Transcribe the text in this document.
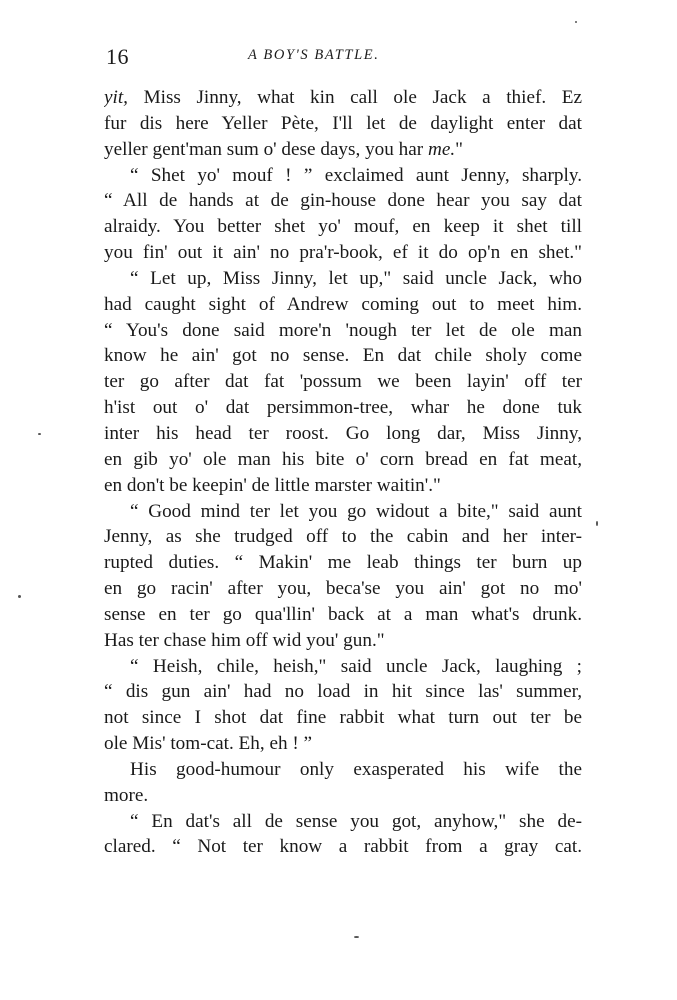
16	A BOY'S BATTLE.
yit, Miss Jinny, what kin call ole Jack a thief. Ez
fur dis here Yeller Pète, I'll let de daylight enter dat
yeller gent'man sum o' dese days, you har me."
“ Shet yo' mouf ! ” exclaimed aunt Jenny, sharply.
“ All de hands at de gin-house done hear you say dat
alraidy. You better shet yo' mouf, en keep it shet till
you fin' out it ain' no pra'r-book, ef it do op'n en shet."
“ Let up, Miss Jinny, let up," said uncle Jack, who
had caught sight of Andrew coming out to meet him.
“ You's done said more'n 'nough ter let de ole man
know he ain' got no sense. En dat chile sholy come
ter go after dat fat 'possum we been layin' off ter
h'ist out o' dat persimmon-tree, whar he done tuk
inter his head ter roost. Go long dar, Miss Jinny,
en gib yo' ole man his bite o' corn bread en fat meat,
en don't be keepin' de little marster waitin'."
“ Good mind ter let you go widout a bite," said aunt
Jenny, as she trudged off to the cabin and her inter-
rupted duties. “ Makin' me leab things ter burn up
en go racin' after you, beca'se you ain' got no mo'
sense en ter go qua'llin' back at a man what's drunk.
Has ter chase him off wid you' gun."
“ Heish, chile, heish," said uncle Jack, laughing ;
“ dis gun ain' had no load in hit since las' summer,
not since I shot dat fine rabbit what turn out ter be
ole Mis' tom-cat. Eh, eh ! ”
His good-humour only exasperated his wife the
more.
“ En dat's all de sense you got, anyhow," she de-
clared. “ Not ter know a rabbit from a gray cat.
